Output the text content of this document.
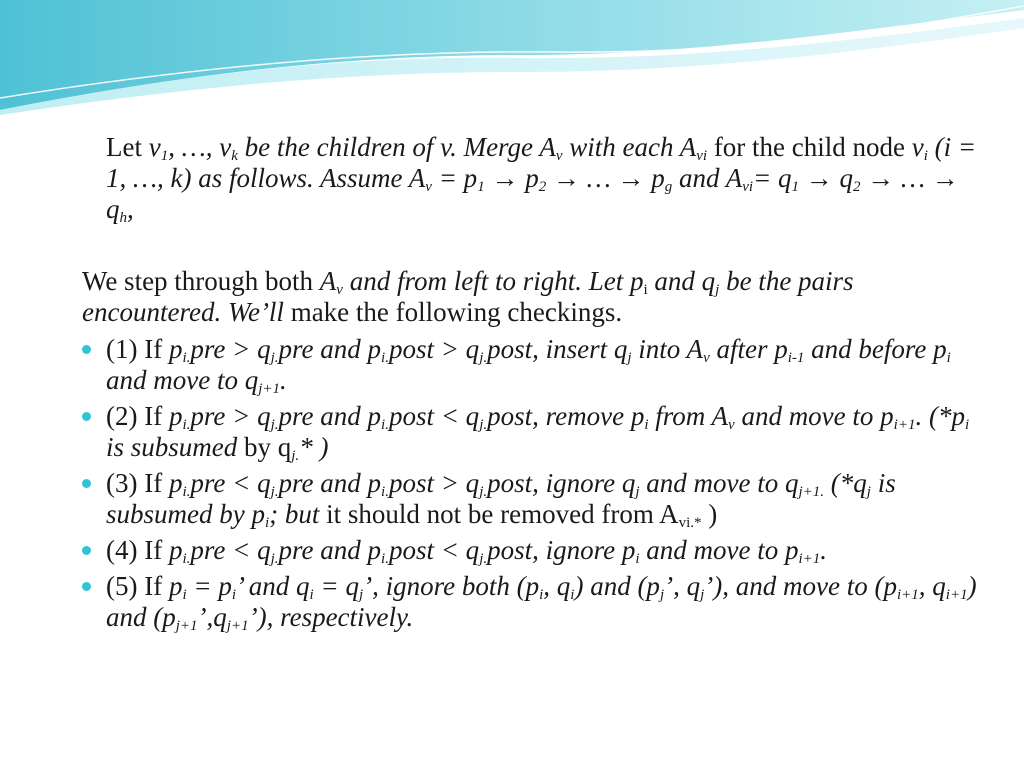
Let $v_1$, …, $v_k$ be the children of v. Merge $A_v$ with each $A_{vi}$ for the child node $v_i$ (i = 1, …, k) as follows. Assume $A_v = p_1 \to p_2$ → … → $p_g$ and $A_{vi}= q_1 \to q_2$ → … → $q_h$,
We step through both $A_v$ and from left to right. Let $p_i$ and $q_j$ be the pairs encountered. We’ll make the following checkings.
(1) If $p_{i.}pre > q_{j.}pre$ and $p_{i.}post$ > $q_{j.}post$, insert $q_j$ into $A_v$ after $p_{i-1}$ and before $p_i$ and move to $q_{j+1}$.
(2) If $p_{i.}pre > q_{j.}pre$ and $p_{i.}post$ < $q_{j.}post$, remove $p_i$ from $A_v$ and move to $p_{i+1}$. ($*p_i$ is subsumed by $q_{j.}*$ )
(3) If $p_{i.}pre < q_{j.}pre$ and $p_{i.}post$ > $q_{j.}post$, ignore $q_j$ and move to $q_{j+1.}$ ($*q_j$ is subsumed by $p_i$; but it should not be removed from $A_{vi.*}$ )
(4) If $p_{i.}pre < q_{j.}pre$ and $p_{i.}post$ < $q_{j.}post$, ignore $p_i$ and move to $p_{i+1}$.
(5) If $p_i = p_i$’ and $q_i = q_j$’, ignore both ($p_i$, $q_i$) and ($p_j$’, $q_j$’), and move to ($p_{i+1}$, $q_{i+1}$) and $(p_{j+1}’,q_{j+1}’)$, respectively.
